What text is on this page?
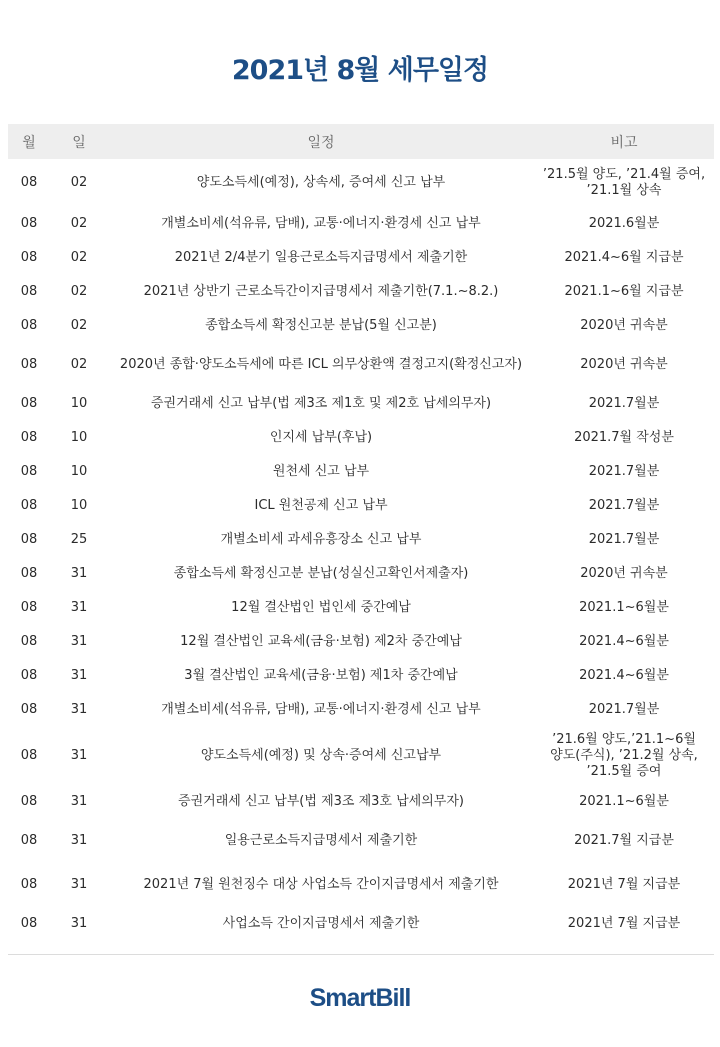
2021년 8월 세무일정
월	일	일정	비고
08	02	양도소득세(예정), 상속세, 증여세 신고 납부	’21.5월 양도, ’21.4월 증여, ’21.1월 상속
08	02	개별소비세(석유류, 담배), 교통·에너지·환경세 신고 납부	2021.6월분
08	02	2021년 2/4분기 일용근로소득지급명세서 제출기한	2021.4~6월 지급분
08	02	2021년 상반기 근로소득간이지급명세서 제출기한(7.1.~8.2.)	2021.1~6월 지급분
08	02	종합소득세 확정신고분 분납(5월 신고분)	2020년 귀속분
08	02	2020년 종합·양도소득세에 따른 ICL 의무상환액 결정고지(확정신고자)	2020년 귀속분
08	10	증권거래세 신고 납부(법 제3조 제1호 및 제2호 납세의무자)	2021.7월분
08	10	인지세 납부(후납)	2021.7월 작성분
08	10	원천세 신고 납부	2021.7월분
08	10	ICL 원천공제 신고 납부	2021.7월분
08	25	개별소비세 과세유흥장소 신고 납부	2021.7월분
08	31	종합소득세 확정신고분 분납(성실신고확인서제출자)	2020년 귀속분
08	31	12월 결산법인 법인세 중간예납	2021.1~6월분
08	31	12월 결산법인 교육세(금융·보험) 제2차 중간예납	2021.4~6월분
08	31	3월 결산법인 교육세(금융·보험) 제1차 중간예납	2021.4~6월분
08	31	개별소비세(석유류, 담배), 교통·에너지·환경세 신고 납부	2021.7월분
08	31	양도소득세(예정) 및 상속·증여세 신고납부	’21.6월 양도,’21.1~6월 양도(주식), ’21.2월 상속, ’21.5월 증여
08	31	증권거래세 신고 납부(법 제3조 제3호 납세의무자)	2021.1~6월분
08	31	일용근로소득지급명세서 제출기한	2021.7월 지급분
08	31	2021년 7월 원천징수 대상 사업소득 간이지급명세서 제출기한	2021년 7월 지급분
08	31	사업소득 간이지급명세서 제출기한	2021년 7월 지급분
SmartBill
